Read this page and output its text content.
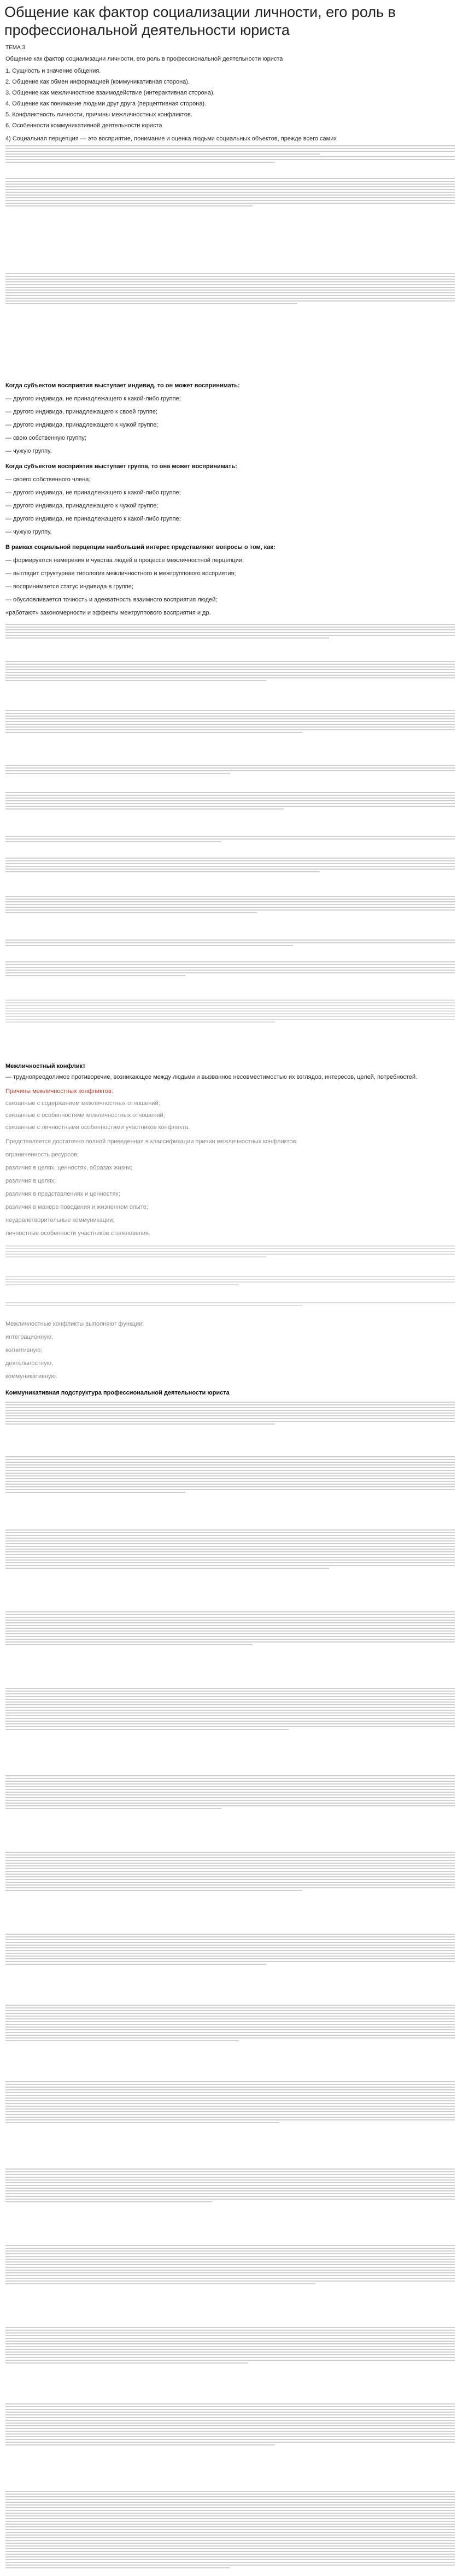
Общение как фактор социализации личности, его роль в профессиональной деятельности юриста
ТЕМА 3
Общение как фактор социализации личности, его роль в профессиональной деятельности юриста
1. Сущность и значение общения.
2. Общение как обмен информацией (коммуникативная сторона).
3. Общение как межличностное взаимодействие (интерактивная сторона).
4. Общение как понимание людьми друг друга (перцептивная сторона).
5. Конфликтность личности, причины межличностных конфликтов.
6. Особенности коммуникативной деятельности юриста
4) Социальная перцепция — это восприятие, понимание и оценка людьми социальных объектов, прежде всего самих
Когда субъектом восприятия выступает индивид, то он может воспринимать:
— другого индивида, не принадлежащего к какой-либо группе;
— другого индивида, принадлежащего к своей группе;
— другого индивида, принадлежащего к чужой группе;
— свою собственную группу;
— чужую группу.
Когда субъектом восприятия выступает группа, то она может воспринимать:
— своего собственного члена;
— другого индивида, не принадлежащего к какой-либо группе;
— другого индивида, принадлежащего к чужой группе;
— другого индивида, не принадлежащего к какой-либо группе;
— чужую группу.
В рамках социальной перцепции наибольший интерес представляют вопросы о том, как:
— формируются намерения и чувства людей в процессе межличностной перцепции;
— выглядит структурная типология межличностного и межгруппового восприятия;
— воспринимается статус индивида в группе;
— обусловливается точность и адекватность взаимного восприятия людей;
«работают» закономерности и эффекты межгруппового восприятия и др.
Межличностный конфликт
— труднопреодолимое противоречие, возникающее между людьми и вызванное несовместимостью их взглядов, интересов, целей, потребностей.
Причины межличностных конфликтов:
связанные с содержанием межличностных отношений;
связанные с особенностями межличностных отношений;
связанные с личностными особенностями участников конфликта.
Представляется достаточно полной приведенная в классификации причин межличностных конфликтов:
ограниченность ресурсов;
различия в целях, ценностях, образах жизни;
различия в целях;
различия в представлениях и ценностях;
различия в манере поведения и жизненном опыте;
неудовлетворительные коммуникации;
личностные особенности участников столкновения.
Межличностные конфликты выполняют функции:
интеграционную;
когнитивную;
деятельностную;
коммуникативную.
Коммуникативная подструктура профессиональной деятельности юриста
